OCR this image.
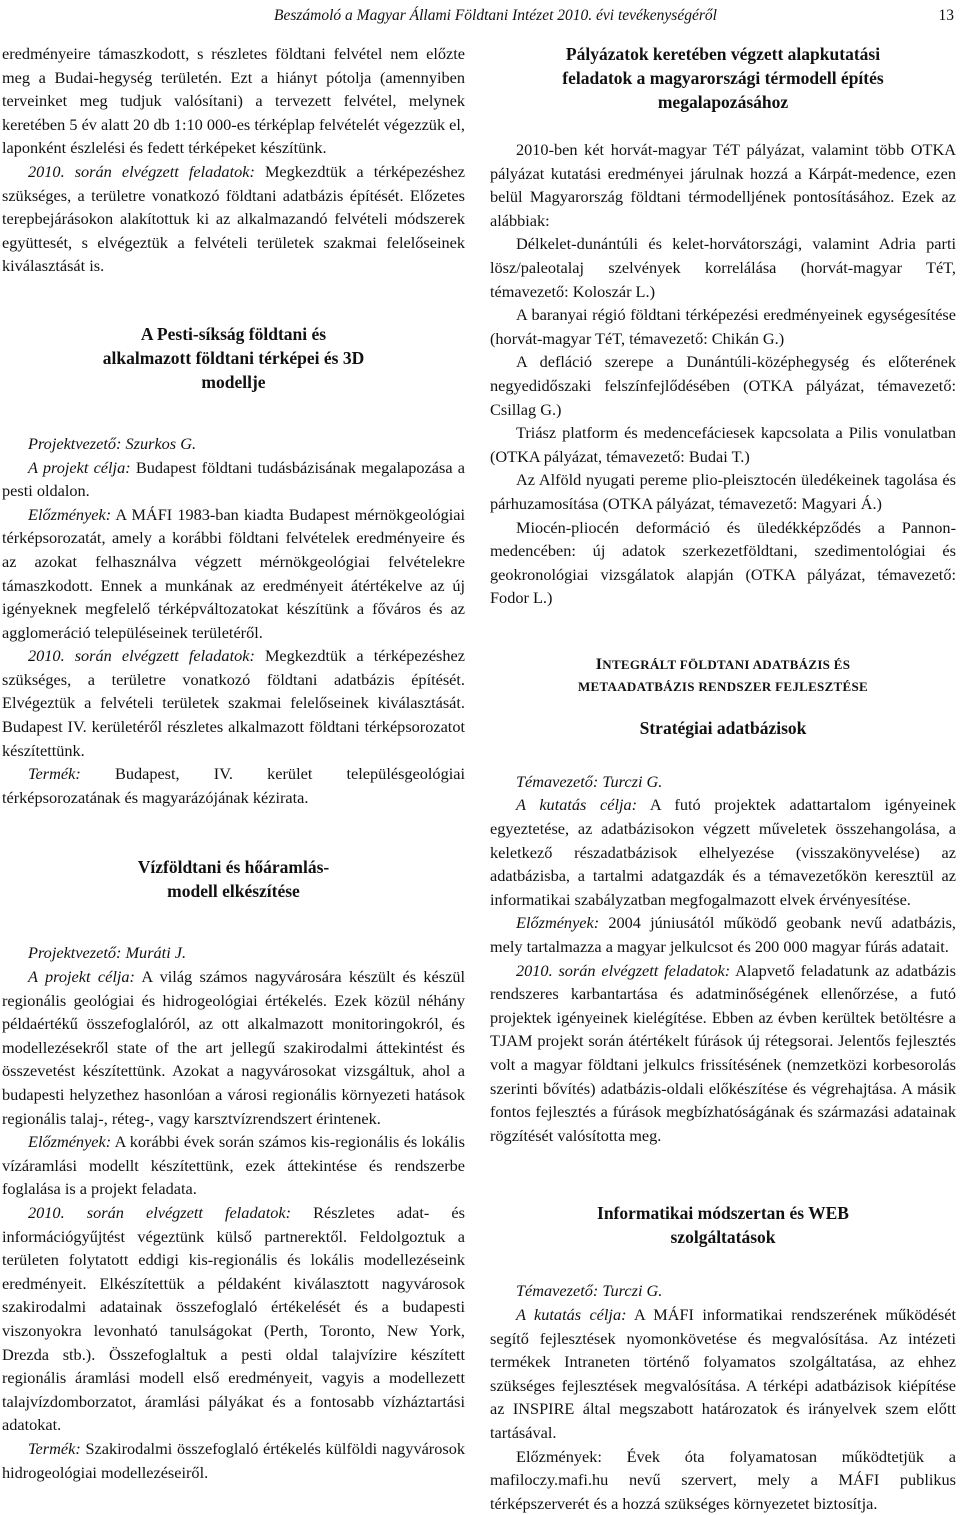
Beszámoló a Magyar Állami Földtani Intézet 2010. évi tevékenységéről	13

eredményeire támaszkodott, s részletes földtani felvétel nem előzte meg a Budai-hegység területén. Ezt a hiányt pótolja (amennyiben terveinket meg tudjuk valósítani) a tervezett felvétel, melynek keretében 5 év alatt 20 db 1:10 000-es térképlap felvételét végezzük el, laponként észlelési és fedett térképeket készítünk.

2010. során elvégzett feladatok: Megkezdtük a térképezéshez szükséges, a területre vonatkozó földtani adatbázis építését. Előzetes terepbejárásokon alakítottuk ki az alkalmazandó felvételi módszerek együttesét, s elvégeztük a felvételi területek szakmai felelőseinek kiválasztását is.

A Pesti-síkság földtani és alkalmazott földtani térképei és 3D modellje

Projektvezető: Szurkos G.

A projekt célja: Budapest földtani tudásbázisának megalapozása a pesti oldalon.

Előzmények: A MÁFI 1983-ban kiadta Budapest mérnökgeológiai térképsorozatát, amely a korábbi földtani felvételek eredményeire és az azokat felhasználva végzett mérnökgeológiai felvételekre támaszkodott. Ennek a munkának az eredményeit átértékelve az új igényeknek megfelelő térképváltozatokat készítünk a főváros és az agglomeráció településeinek területéről.

2010. során elvégzett feladatok: Megkezdtük a térképezéshez szükséges, a területre vonatkozó földtani adatbázis építését. Elvégeztük a felvételi területek szakmai felelőseinek kiválasztását. Budapest IV. kerületéről részletes alkalmazott földtani térképsorozatot készítettünk.

Termék: Budapest, IV. kerület településgeológiai térképsorozatának és magyarázójának kézirata.

Vízföldtani és hőáramlás-modell elkészítése

Projektvezető: Muráti J.

A projekt célja: A világ számos nagyvárosára készült és készül regionális geológiai és hidrogeológiai értékelés. Ezek közül néhány példaértékű összefoglalóról, az ott alkalmazott monitoringokról, és modellezésekről state of the art jellegű szakirodalmi áttekintést és összevetést készítettünk. Azokat a nagyvárosokat vizsgáltuk, ahol a budapesti helyzethez hasonlóan a városi regionális környezeti hatások regionális talaj-, réteg-, vagy karsztvízrendszert érintenek.

Előzmények: A korábbi évek során számos kis-regionális és lokális vízáramlási modellt készítettünk, ezek áttekintése és rendszerbe foglalása is a projekt feladata.

2010. során elvégzett feladatok: Részletes adat- és információgyűjtést végeztünk külső partnerektől. Feldolgoztuk a területen folytatott eddigi kis-regionális és lokális modellezéseink eredményeit. Elkészítettük a példaként kiválasztott nagyvárosok szakirodalmi adatainak összefoglaló értékelését és a budapesti viszonyokra levonható tanulságokat (Perth, Toronto, New York, Drezda stb.). Összefoglaltuk a pesti oldal talajvízire készített regionális áramlási modell első eredményeit, vagyis a modellezett talajvízdomborzatot, áramlási pályákat és a fontosabb vízháztartási adatokat.

Termék: Szakirodalmi összefoglaló értékelés külföldi nagyvárosok hidrogeológiai modellezéseiről.

Pályázatok keretében végzett alapkutatási feladatok a magyarországi térmodell építés megalapozásához

2010-ben két horvát-magyar TéT pályázat, valamint több OTKA pályázat kutatási eredményei járulnak hozzá a Kárpát-medence, ezen belül Magyarország földtani térmodelljének pontosításához. Ezek az alábbiak:

Délkelet-dunántúli és kelet-horvátországi, valamint Adria parti lösz/paleotalaj szelvények korrelálása (horvát-magyar TéT, témavezető: Koloszár L.)

A baranyai régió földtani térképezési eredményeinek egységesítése (horvát-magyar TéT, témavezető: Chikán G.)

A defláció szerepe a Dunántúli-középhegység és előterének negyedidőszaki felszínfejlődésében (OTKA pályázat, témavezető: Csillag G.)

Triász platform és medencefáciesek kapcsolata a Pilis vonulatban (OTKA pályázat, témavezető: Budai T.)

Az Alföld nyugati pereme plio-pleisztocén üledékeinek tagolása és párhuzamosítása (OTKA pályázat, témavezető: Magyari Á.)

Miocén-pliocén deformáció és üledékképződés a Pannon-medencében: új adatok szerkezetföldtani, szedimentológiai és geokronológiai vizsgálatok alapján (OTKA pályázat, témavezető: Fodor L.)

INTEGRÁLT FÖLDTANI ADATBÁZIS ÉS
METAADATBÁZIS RENDSZER FEJLESZTÉSE
Stratégiai adatbázisok

Témavezető: Turczi G.

A kutatás célja: A futó projektek adattartalom igényeinek egyeztetése, az adatbázisokon végzett műveletek összehangolása, a keletkező részadatbázisok elhelyezése (visszakönyvelése) az adatbázisba, a tartalmi adatgazdák és a témavezetőkön keresztül az informatikai szabályzatban megfogalmazott elvek érvényesítése.

Előzmények: 2004 júniusától működő geobank nevű adatbázis, mely tartalmazza a magyar jelkulcsot és 200 000 magyar fúrás adatait.

2010. során elvégzett feladatok: Alapvető feladatunk az adatbázis rendszeres karbantartása és adatminőségének ellenőrzése, a futó projektek igényeinek kielégítése. Ebben az évben kerültek betöltésre a TJAM projekt során átértékelt fúrások új rétegsorai. Jelentős fejlesztés volt a magyar földtani jelkulcs frissítésének (nemzetközi korbesorolás szerinti bővítés) adatbázis-oldali előkészítése és végrehajtása. A másik fontos fejlesztés a fúrások megbízhatóságának és származási adatainak rögzítését valósította meg.

Informatikai módszertan és WEB szolgáltatások

Témavezető: Turczi G.

A kutatás célja: A MÁFI informatikai rendszerének működését segítő fejlesztések nyomonkövetése és megvalósítása. Az intézeti termékek Intraneten történő folyamatos szolgáltatása, az ehhez szükséges fejlesztések megvalósítása. A térképi adatbázisok kiépítése az INSPIRE által megszabott határozatok és irányelvek szem előtt tartásával.

Előzmények: Évek óta folyamatosan működtetjük a mafiloczy.mafi.hu nevű szervert, mely a MÁFI publikus térképszerverét és a hozzá szükséges környezetet biztosítja.
